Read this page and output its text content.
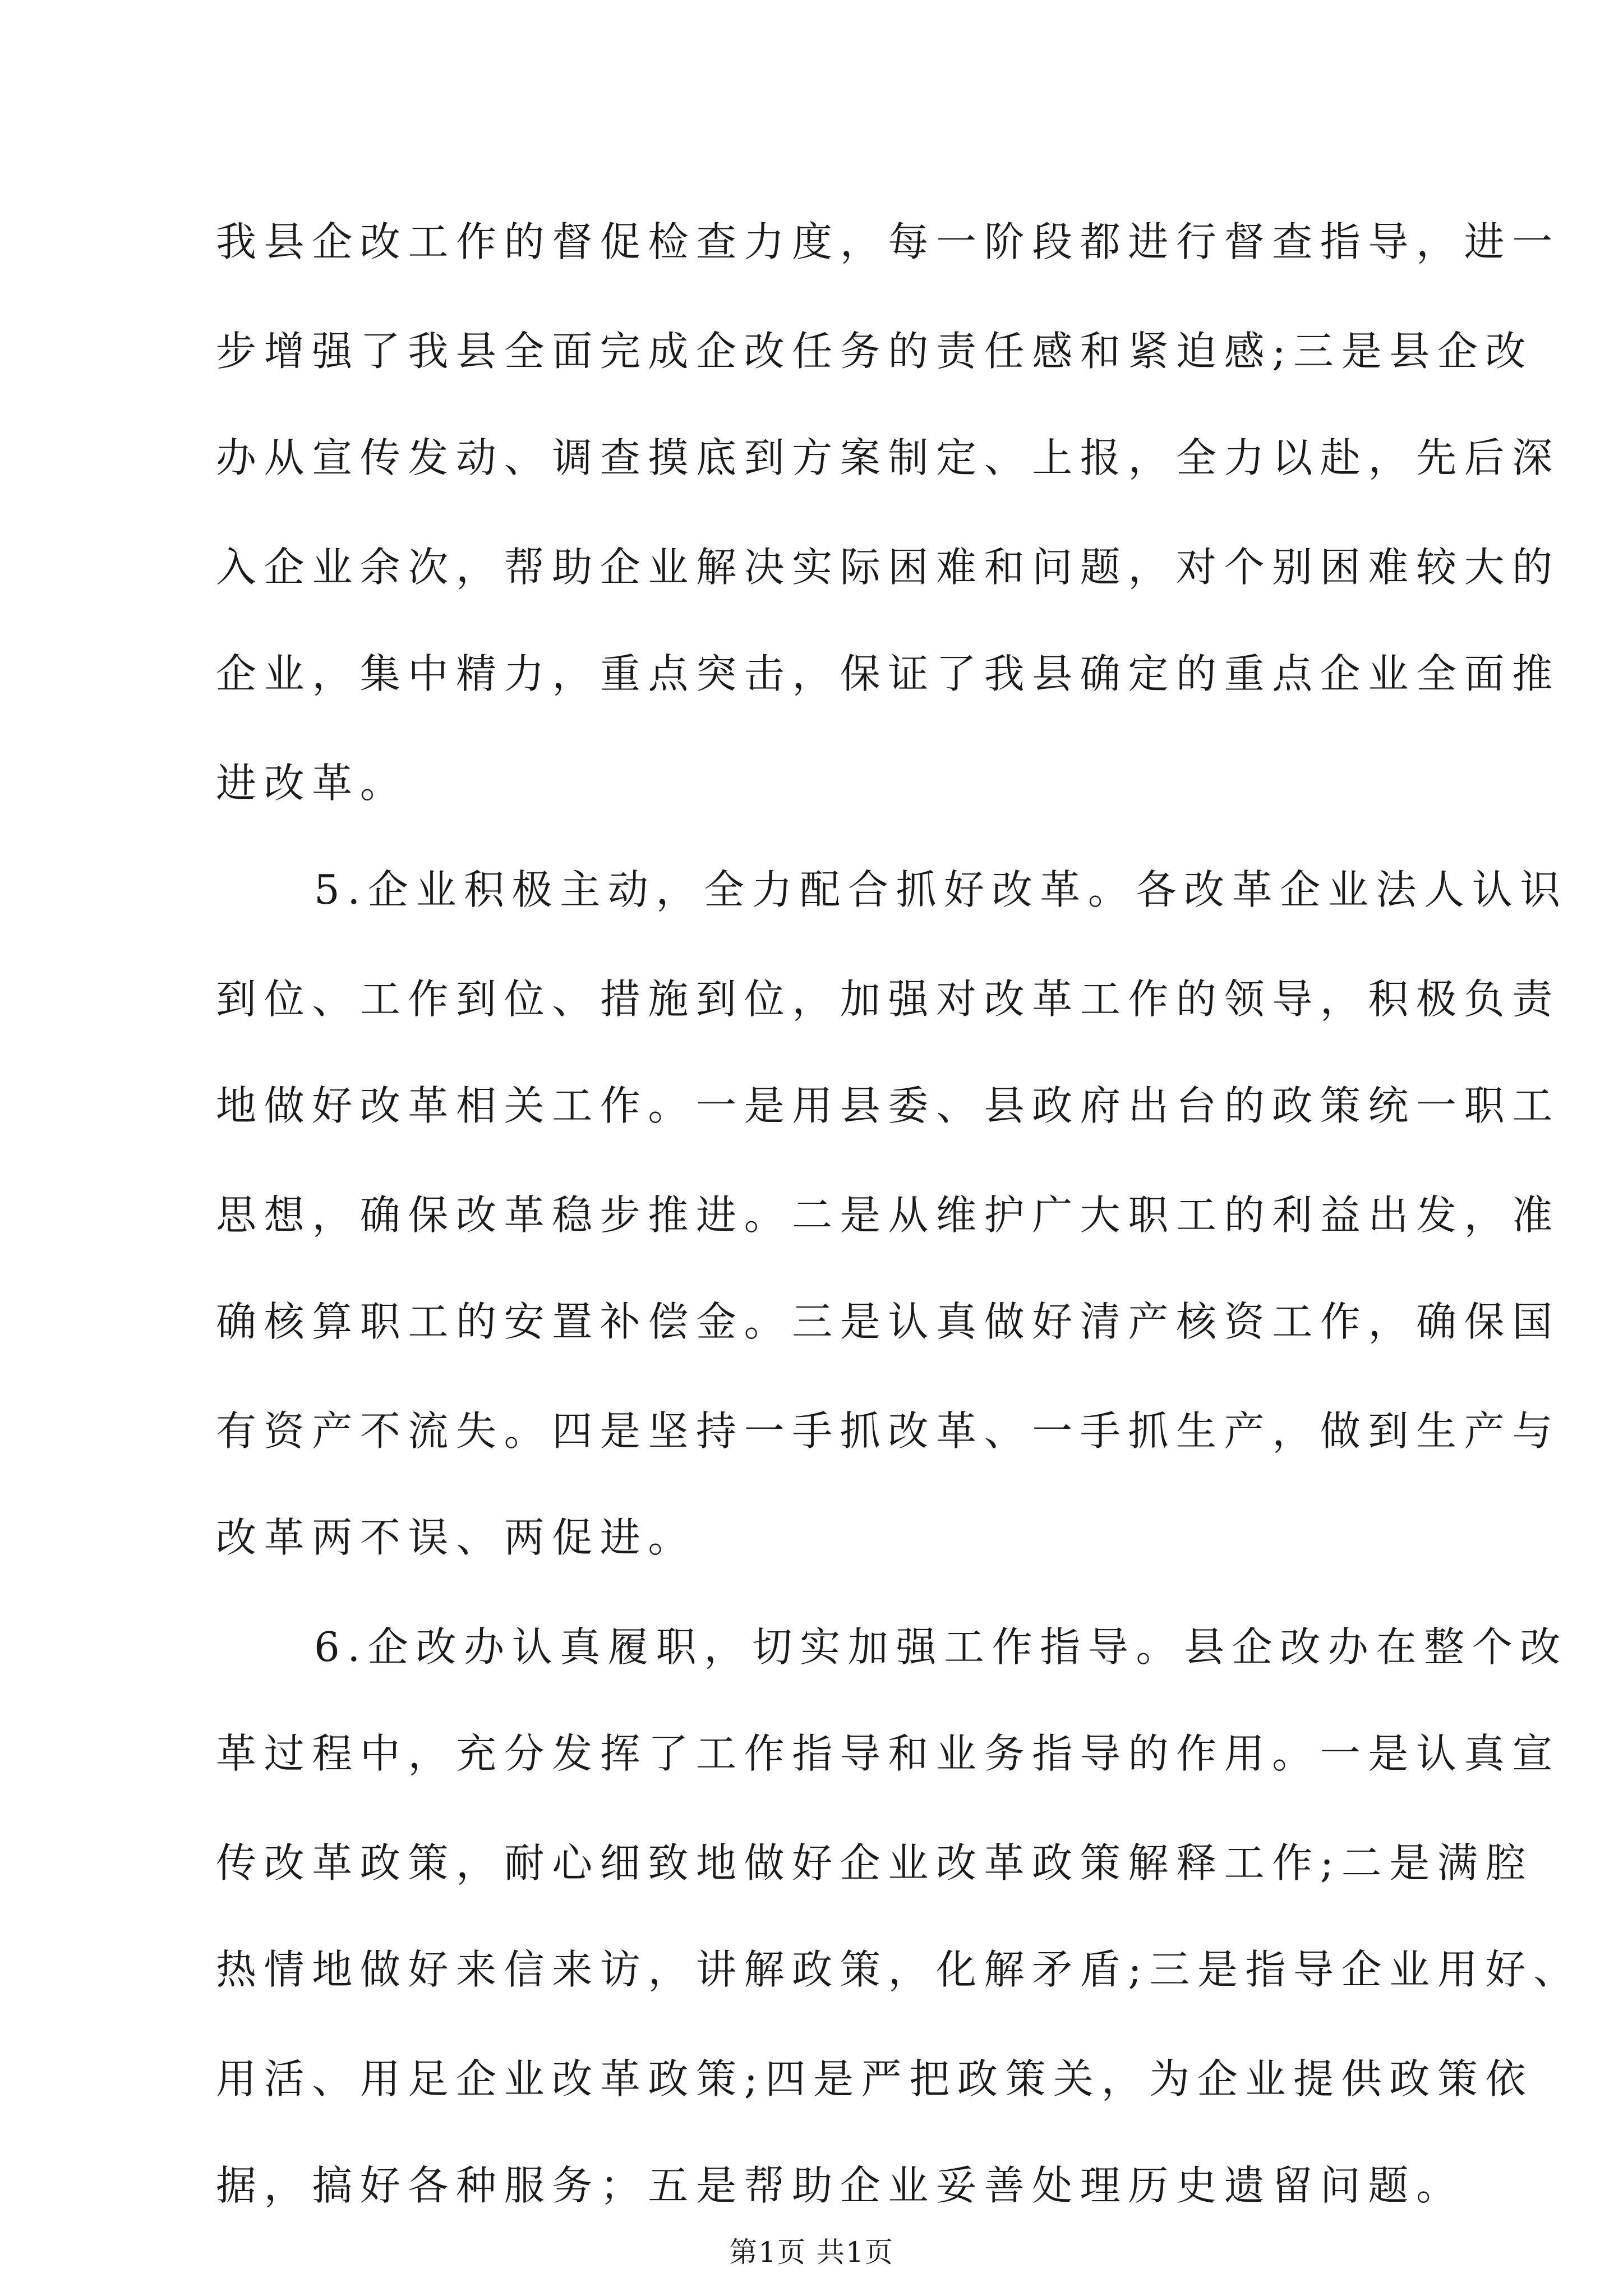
我县企改工作的督促检查力度，每一阶段都进行督查指导，进一
步增强了我县全面完成企改任务的责任感和紧迫感;三是县企改
办从宣传发动、调查摸底到方案制定、上报，全力以赴，先后深
入企业余次，帮助企业解决实际困难和问题，对个别困难较大的
企业，集中精力，重点突击，保证了我县确定的重点企业全面推
进改革。
5.企业积极主动，全力配合抓好改革。各改革企业法人认识
到位、工作到位、措施到位，加强对改革工作的领导，积极负责
地做好改革相关工作。一是用县委、县政府出台的政策统一职工
思想，确保改革稳步推进。二是从维护广大职工的利益出发，准
确核算职工的安置补偿金。三是认真做好清产核资工作，确保国
有资产不流失。四是坚持一手抓改革、一手抓生产，做到生产与
改革两不误、两促进。
6.企改办认真履职，切实加强工作指导。县企改办在整个改
革过程中，充分发挥了工作指导和业务指导的作用。一是认真宣
传改革政策，耐心细致地做好企业改革政策解释工作;二是满腔
热情地做好来信来访，讲解政策，化解矛盾;三是指导企业用好、
用活、用足企业改革政策;四是严把政策关，为企业提供政策依
据，搞好各种服务；五是帮助企业妥善处理历史遗留问题。
第1页 共1页
